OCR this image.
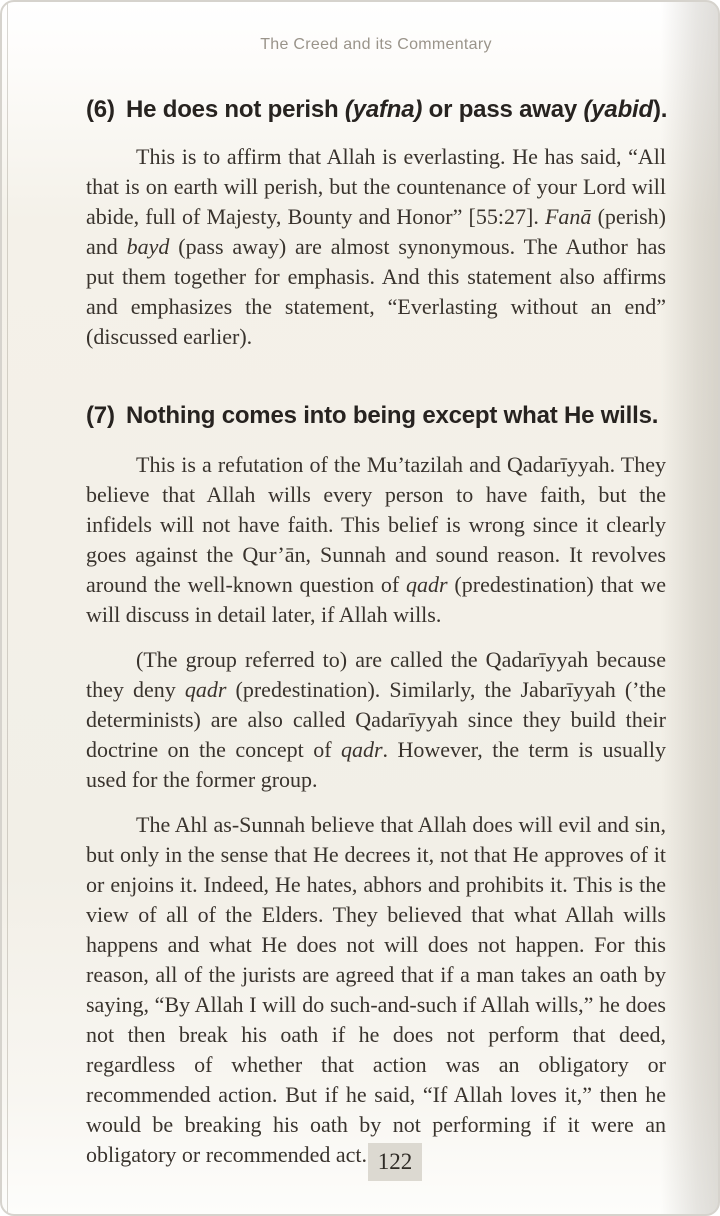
The Creed and its Commentary
(6) He does not perish (yafna) or pass away (yabid).

This is to affirm that Allah is everlasting. He has said, “All that is on earth will perish, but the countenance of your Lord will abide, full of Majesty, Bounty and Honor” [55:27]. Fanā (perish) and bayd (pass away) are almost synonymous. The Author has put them together for emphasis. And this statement also affirms and emphasizes the statement, “Everlasting without an end” (discussed earlier).

(7) Nothing comes into being except what He wills.

This is a refutation of the Mu’tazilah and Qadarīyyah. They believe that Allah wills every person to have faith, but the infidels will not have faith. This belief is wrong since it clearly goes against the Qur’ān, Sunnah and sound reason. It revolves around the well-known question of qadr (predestination) that we will discuss in detail later, if Allah wills.

(The group referred to) are called the Qadarīyyah because they deny qadr (predestination). Similarly, the Jabarīyyah (’the determinists) are also called Qadarīyyah since they build their doctrine on the concept of qadr. However, the term is usually used for the former group.

The Ahl as-Sunnah believe that Allah does will evil and sin, but only in the sense that He decrees it, not that He approves of it or enjoins it. Indeed, He hates, abhors and prohibits it. This is the view of all of the Elders. They believed that what Allah wills happens and what He does not will does not happen. For this reason, all of the jurists are agreed that if a man takes an oath by saying, “By Allah I will do such-and-such if Allah wills,” he does not then break his oath if he does not perform that deed, regardless of whether that action was an obligatory or recommended action. But if he said, “If Allah loves it,” then he would be breaking his oath by not performing if it were an obligatory or recommended act. 122
